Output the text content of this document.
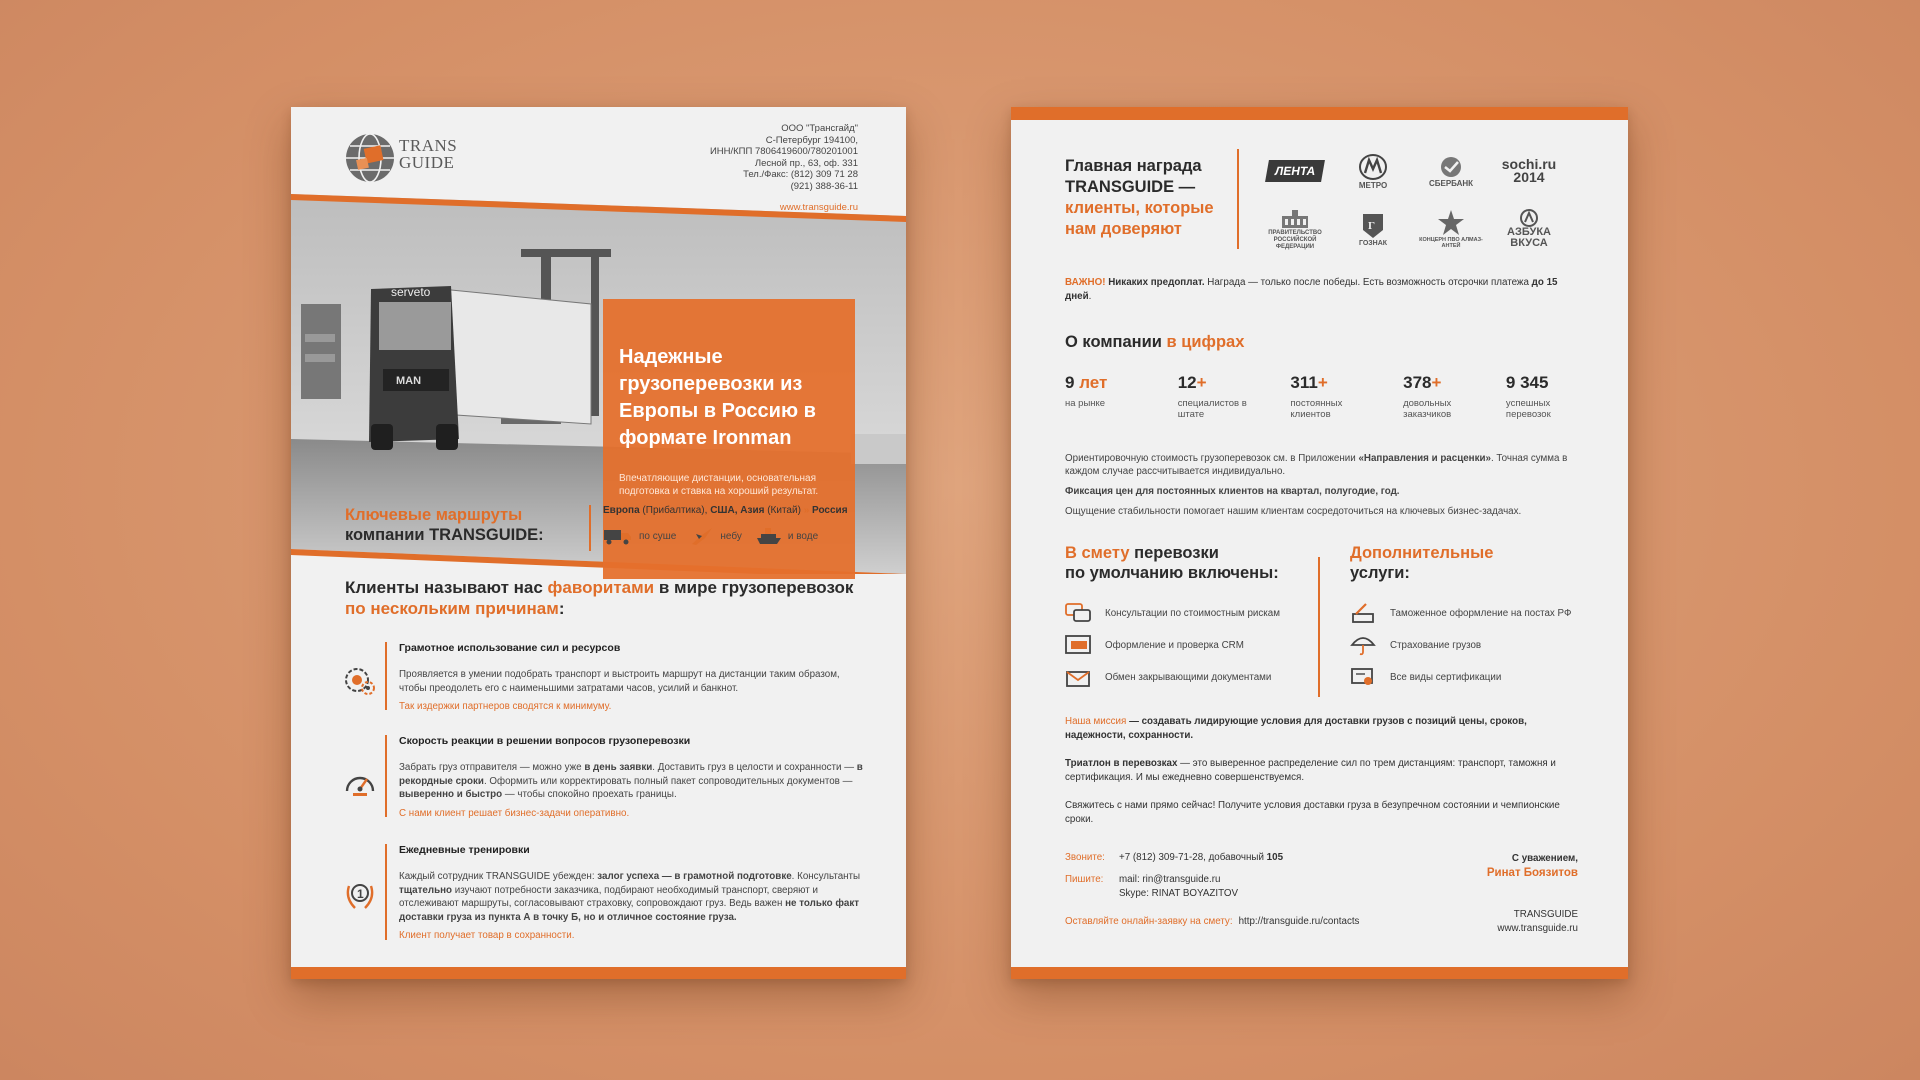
TRANS
GUIDE
ООО "Трансгайд"
С-Петербург 194100,
ИНН/КПП 7806419600/780201001
Лесной пр., 63, оф. 331
Тел./Факс: (812) 309 71 28
(921) 388-36-11
www.transguide.ru
MAN
serveto
Надежные грузоперевозки из Европы в Россию в формате Ironman
Впечатляющие дистанции, основательная подготовка и ставка на хороший результат.
Ключевые маршруты
компании TRANSGUIDE:
Европа (Прибалтика), США, Азия (Китай) » Россия
по суше	небу	и воде
Клиенты называют нас фаворитами в мире грузоперевозок
по нескольким причинам:
Грамотное использование сил и ресурсов
Проявляется в умении подобрать транспорт и выстроить маршрут на дистанции таким образом, чтобы преодолеть его с наименьшими затратами часов, усилий и банкнот.
Так издержки партнеров сводятся к минимуму.
Скорость реакции в решении вопросов грузоперевозки
Забрать груз отправителя — можно уже в день заявки. Доставить груз в целости и сохранности — в рекордные сроки. Оформить или корректировать полный пакет сопроводительных документов — выверенно и быстро — чтобы спокойно проехать границы.
С нами клиент решает бизнес-задачи оперативно.
1
Ежедневные тренировки
Каждый сотрудник TRANSGUIDE убежден: залог успеха — в грамотной подготовке. Консультанты тщательно изучают потребности заказчика, подбирают необходимый транспорт, сверяют и отслеживают маршруты, согласовывают страховку, сопровождают груз. Ведь важен не только факт доставки груза из пункта А в точку Б, но и отличное состояние груза.
Клиент получает товар в сохранности.
Главная награда
TRANSGUIDE —
клиенты, которые
нам доверяют
ЛЕНТА
МЕТРО	СБЕРБАНК
sochi.ru 2014
ПРАВИТЕЛЬСТВО РОССИЙСКОЙ ФЕДЕРАЦИИ
Г
ГОЗНАК	КОНЦЕРН ПВО АЛМАЗ-АНТЕЙ
АЗБУКА ВКУСА
ВАЖНО! Никаких предоплат. Награда — только после победы. Есть возможность отсрочки платежа до 15 дней.
О компании в цифрах
9 лет
на рынке
12+
специалистов в штате
311+
постоянных клиентов
378+
довольных заказчиков
9 345
успешных перевозок

Ориентировочную стоимость грузоперевозок см. в Приложении «Направления и расценки». Точная сумма в каждом случае рассчитывается индивидуально.

Фиксация цен для постоянных клиентов на квартал, полугодие, год.

Ощущение стабильности помогает нашим клиентам сосредоточиться на ключевых бизнес-задачах.

В смету перевозки
по умолчанию включены:
Дополнительные
услуги:
Консультации по стоимостным рискам
Оформление и проверка CRM
Обмен закрывающими документами
Таможенное оформление на постах РФ
Страхование грузов
Все виды сертификации

Наша миссия — создавать лидирующие условия для доставки грузов с позиций цены, сроков, надежности, сохранности.

Триатлон в перевозках — это выверенное распределение сил по трем дистанциям: транспорт, таможня и сертификация. И мы ежедневно совершенствуемся.

Свяжитесь с нами прямо сейчас! Получите условия доставки груза в безупречном состоянии и чемпионские сроки.

Звоните: +7 (812) 309-71-28, добавочный 105
Пишите: mail: rin@transguide.ru
Skype: RINAT BOYAZITOV
Оставляйте онлайн-заявку на смету: http://transguide.ru/contacts
С уважением,
Ринат Боязитов
TRANSGUIDE
www.transguide.ru
